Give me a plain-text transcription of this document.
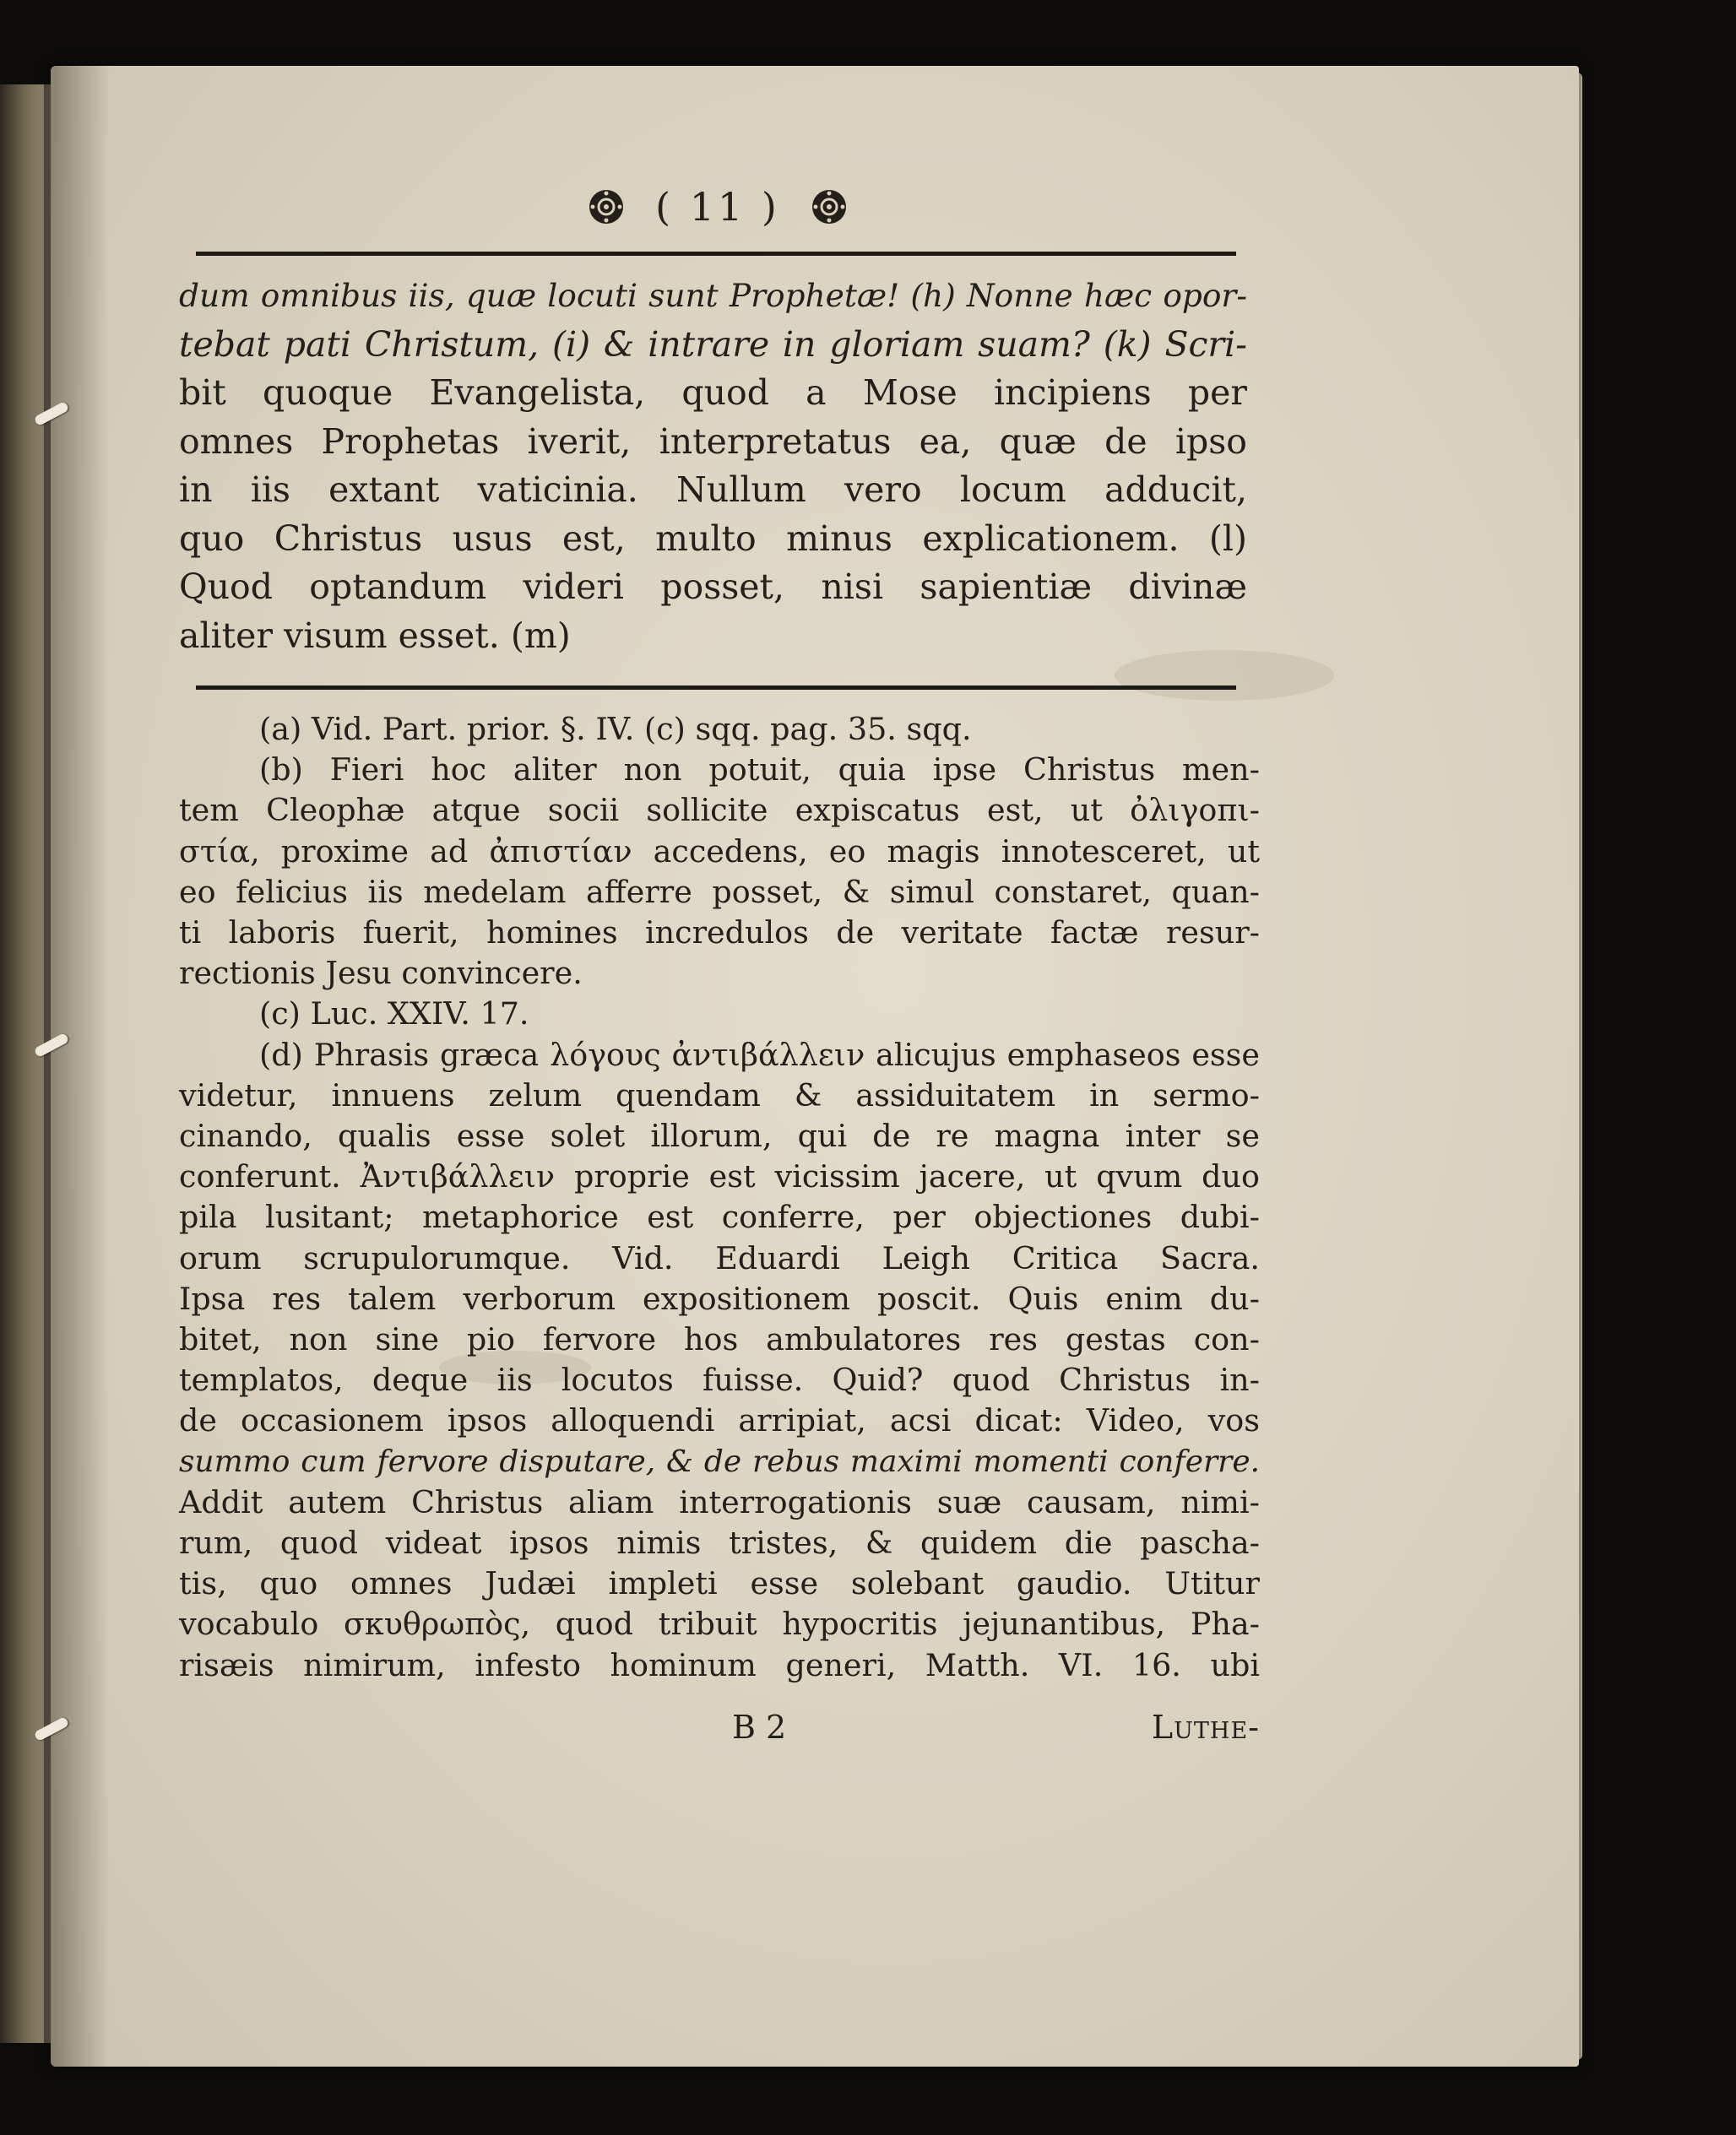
( 11 )
dum omnibus iis, quæ locuti sunt Prophetæ! (h) Nonne hæc opor-
tebat pati Christum, (i) & intrare in gloriam suam? (k) Scri-
bit quoque Evangelista, quod a Mose incipiens per
omnes Prophetas iverit, interpretatus ea, quæ de ipso
in iis extant vaticinia. Nullum vero locum adducit,
quo Christus usus est, multo minus explicationem. (l)
Quod optandum videri posset, nisi sapientiæ divinæ
aliter visum esset. (m)
(a) Vid. Part. prior. §. IV. (c) sqq. pag. 35. sqq.
(b) Fieri hoc aliter non potuit, quia ipse Christus men-
tem Cleophæ atque socii sollicite expiscatus est, ut ὀλιγοπι-
στία, proxime ad ἀπιστίαν accedens, eo magis innotesceret, ut
eo felicius iis medelam afferre posset, & simul constaret, quan-
ti laboris fuerit, homines incredulos de veritate factæ resur-
rectionis Jesu convincere.
(c) Luc. XXIV. 17.
(d) Phrasis græca λόγους ἀντιβάλλειν alicujus emphaseos esse
videtur, innuens zelum quendam & assiduitatem in sermo-
cinando, qualis esse solet illorum, qui de re magna inter se
conferunt. Ἀντιβάλλειν proprie est vicissim jacere, ut qvum duo
pila lusitant; metaphorice est conferre, per objectiones dubi-
orum scrupulorumque. Vid. Eduardi Leigh Critica Sacra.
Ipsa res talem verborum expositionem poscit. Quis enim du-
bitet, non sine pio fervore hos ambulatores res gestas con-
templatos, deque iis locutos fuisse. Quid? quod Christus in-
de occasionem ipsos alloquendi arripiat, acsi dicat: Video, vos
summo cum fervore disputare, & de rebus maximi momenti conferre.
Addit autem Christus aliam interrogationis suæ causam, nimi-
rum, quod videat ipsos nimis tristes, & quidem die pascha-
tis, quo omnes Judæi impleti esse solebant gaudio. Utitur
vocabulo σκυθρωπὸς, quod tribuit hypocritis jejunantibus, Pha-
risæis nimirum, infesto hominum generi, Matth. VI. 16. ubi
B 2	Luthe-
